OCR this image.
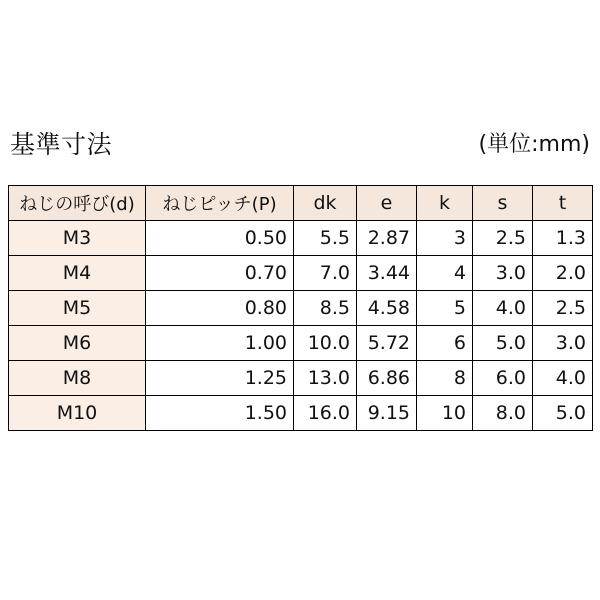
基準寸法	(単位:mm)
ねじの呼び(d)	ねじピッチ(P)	dk	e	k	s	t
M3	0.50	5.5	2.87	3	2.5	1.3
M4	0.70	7.0	3.44	4	3.0	2.0
M5	0.80	8.5	4.58	5	4.0	2.5
M6	1.00	10.0	5.72	6	5.0	3.0
M8	1.25	13.0	6.86	8	6.0	4.0
M10	1.50	16.0	9.15	10	8.0	5.0
